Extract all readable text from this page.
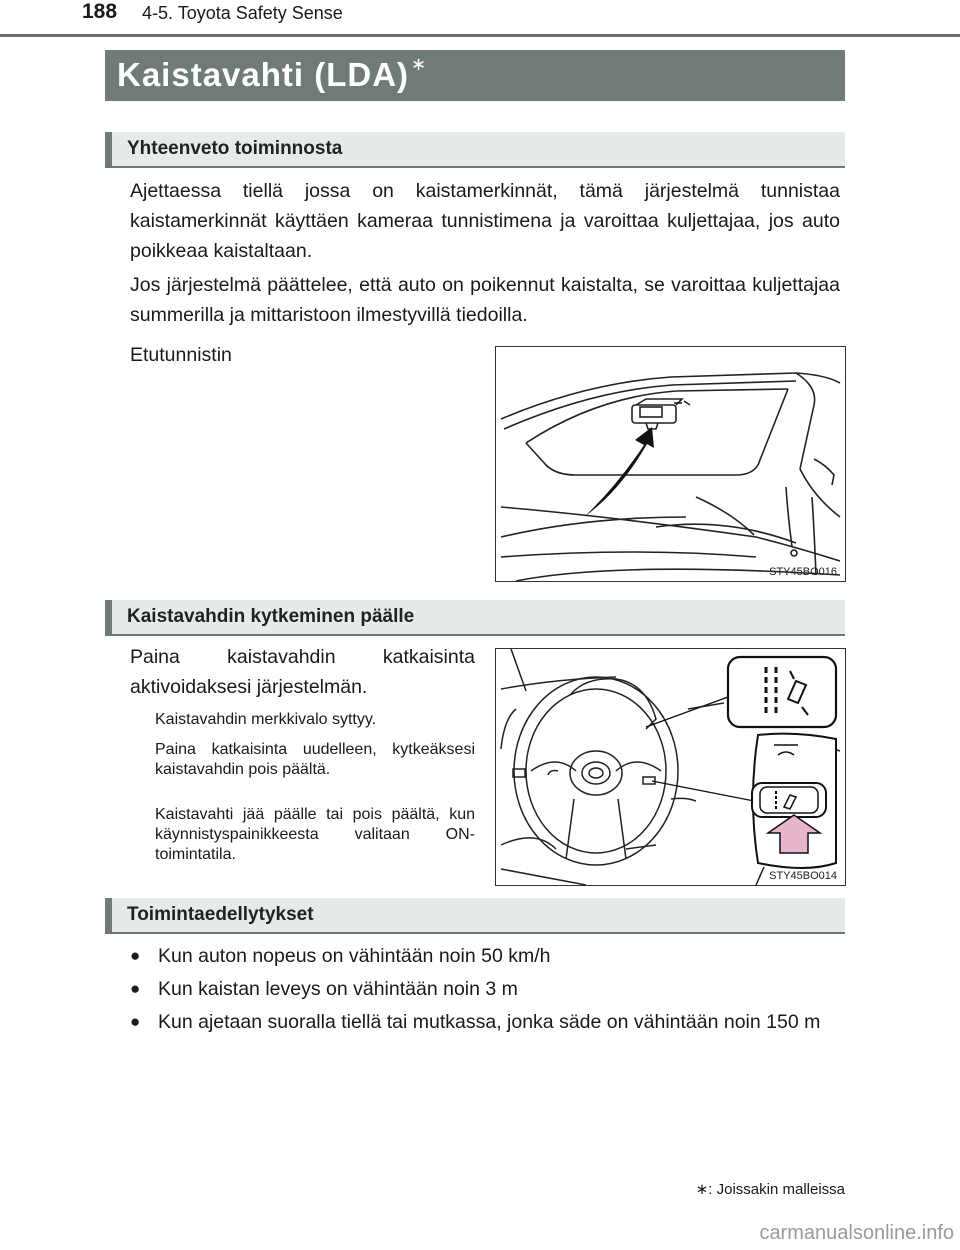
188 4-5. Toyota Safety Sense
Kaistavahti (LDA) ∗
Yhteenveto toiminnosta
Ajettaessa tiellä jossa on kaistamerkinnät, tämä järjestelmä tunnistaa kaistamerkinnät käyttäen kameraa tunnistimena ja varoittaa kuljettajaa, jos auto poikkeaa kaistaltaan.
Jos järjestelmä päättelee, että auto on poikennut kaistalta, se varoittaa kuljettajaa summerilla ja mittaristoon ilmestyvillä tiedoilla.
Etutunnistin
STY45BO016
Kaistavahdin kytkeminen päälle
Paina kaistavahdin katkaisinta aktivoidaksesi järjestelmän.
Kaistavahdin merkkivalo syttyy.
Paina katkaisinta uudelleen, kytkeäksesi kaistavahdin pois päältä.
Kaistavahti jää päälle tai pois päältä, kun käynnistyspainikkeesta valitaan ON-toimintatila.
STY45BO014
Toimintaedellytykset
● Kun auton nopeus on vähintään noin 50 km/h
● Kun kaistan leveys on vähintään noin 3 m
● Kun ajetaan suoralla tiellä tai mutkassa, jonka säde on vähintään noin 150 m
∗: Joissakin malleissa
carmanualsonline.info
